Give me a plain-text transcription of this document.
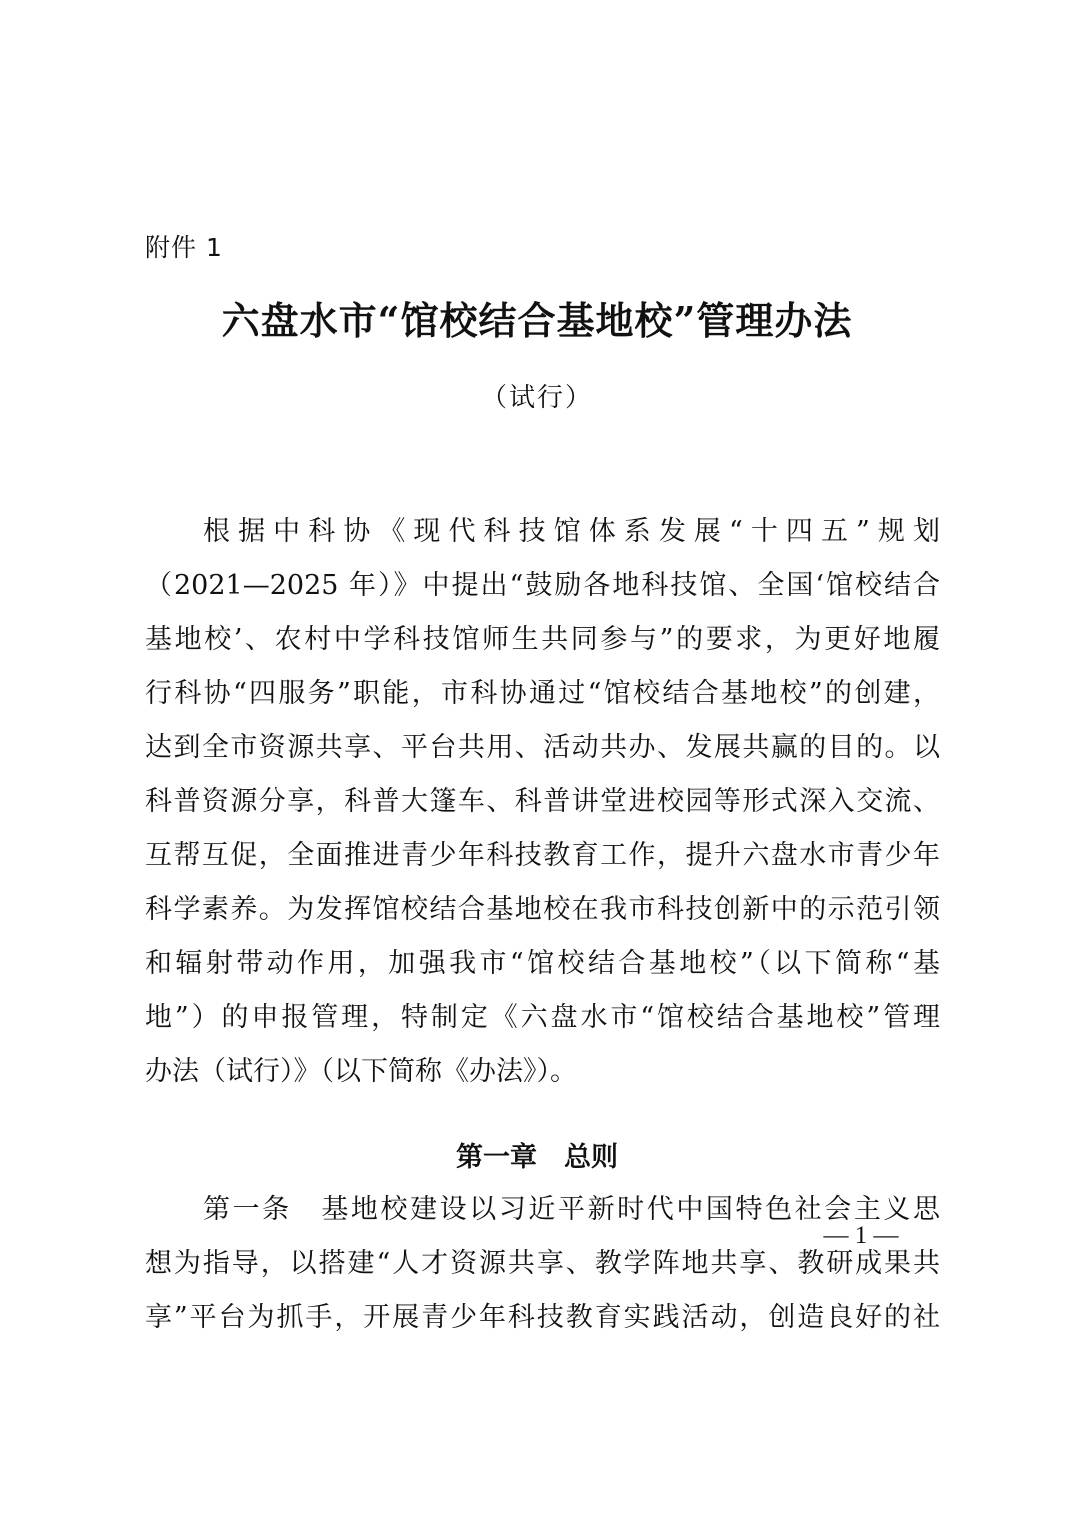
附件 1
六盘水市“馆校结合基地校”管理办法
（试行）
根据中科协《现代科技馆体系发展“十四五”规划
（2021—2025 年）》中提出“鼓励各地科技馆、全国‘馆校结合
基地校’、农村中学科技馆师生共同参与”的要求，为更好地履
行科协“四服务”职能，市科协通过“馆校结合基地校”的创建，
达到全市资源共享、平台共用、活动共办、发展共赢的目的。以
科普资源分享，科普大篷车、科普讲堂进校园等形式深入交流、
互帮互促，全面推进青少年科技教育工作，提升六盘水市青少年
科学素养。为发挥馆校结合基地校在我市科技创新中的示范引领
和辐射带动作用，加强我市“馆校结合基地校”（以下简称“基
地”）的申报管理，特制定《六盘水市“馆校结合基地校”管理
办法（试行）》（以下简称《办法》）。
第一章　总则
第一条　基地校建设以习近平新时代中国特色社会主义思
想为指导，以搭建“人才资源共享、教学阵地共享、教研成果共
享”平台为抓手，开展青少年科技教育实践活动，创造良好的社
— 1 —
